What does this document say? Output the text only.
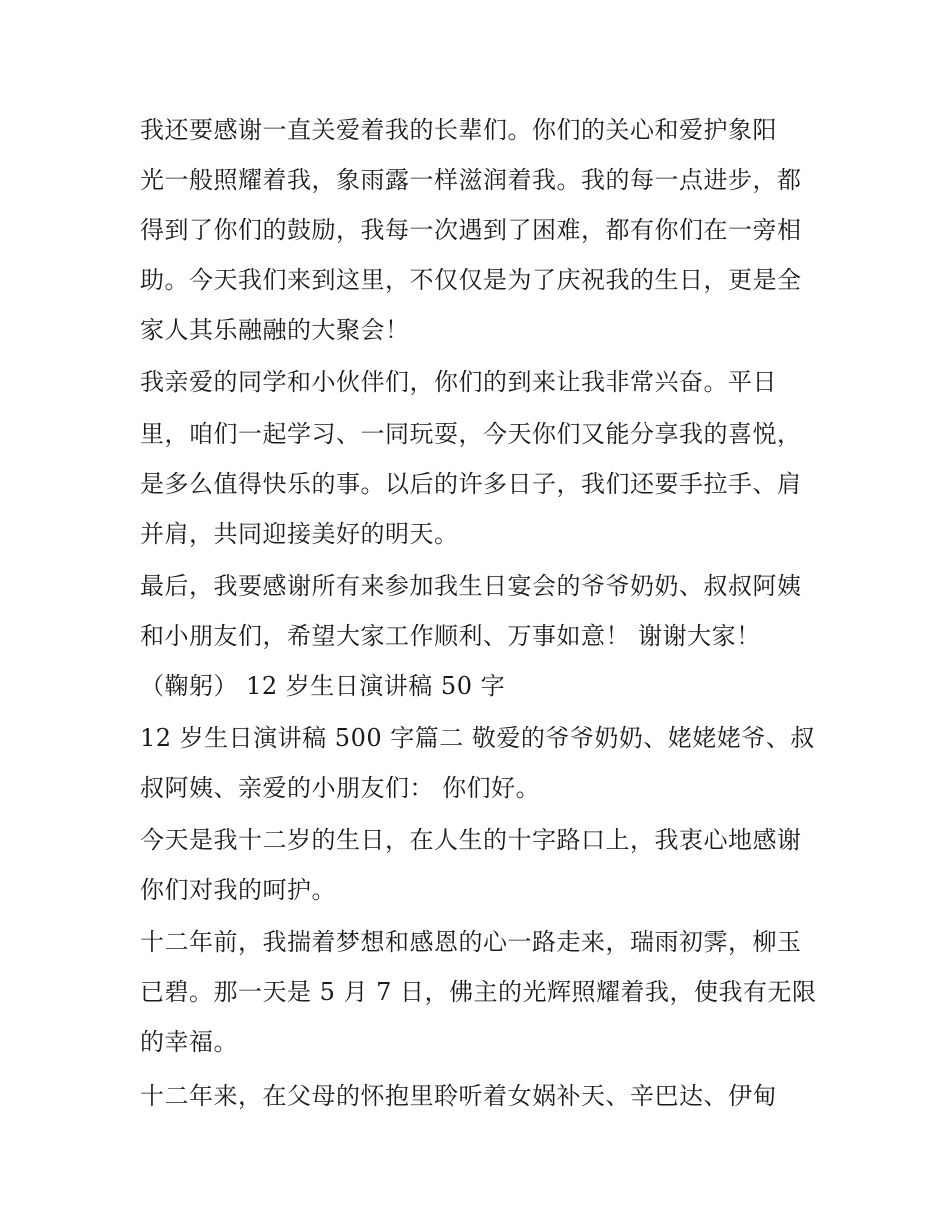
我还要感谢一直关爱着我的长辈们。你们的关心和爱护象阳
光一般照耀着我，象雨露一样滋润着我。我的每一点进步，都
得到了你们的鼓励，我每一次遇到了困难，都有你们在一旁相
助。今天我们来到这里，不仅仅是为了庆祝我的生日，更是全
家人其乐融融的大聚会！
我亲爱的同学和小伙伴们，你们的到来让我非常兴奋。平日
里，咱们一起学习、一同玩耍，今天你们又能分享我的喜悦，
是多么值得快乐的事。以后的许多日子，我们还要手拉手、肩
并肩，共同迎接美好的明天。
最后，我要感谢所有来参加我生日宴会的爷爷奶奶、叔叔阿姨
和小朋友们，希望大家工作顺利、万事如意！ 谢谢大家！
（鞠躬） 12 岁生日演讲稿 50 字
12 岁生日演讲稿 500 字篇二 敬爱的爷爷奶奶、姥姥姥爷、叔
叔阿姨、亲爱的小朋友们： 你们好。
今天是我十二岁的生日，在人生的十字路口上，我衷心地感谢
你们对我的呵护。
十二年前，我揣着梦想和感恩的心一路走来，瑞雨初霁，柳玉
已碧。那一天是 5 月 7 日，佛主的光辉照耀着我，使我有无限
的幸福。
十二年来，在父母的怀抱里聆听着女娲补天、辛巴达、伊甸
